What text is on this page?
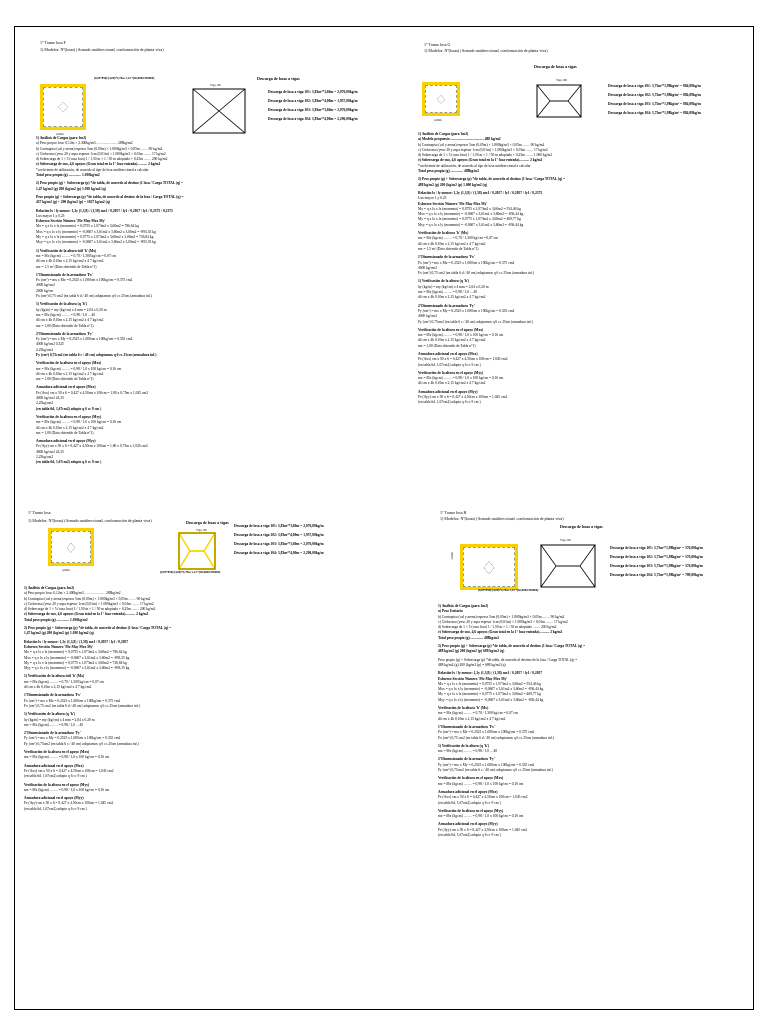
1° Tramo losa F
1) Modelos: Nº(losas) (Armado unidireccional, conformación de planta viva)
+
(0,05*850)/(4,00)*2,70m 1,14 *(40,0000/350000)
4,00m
Descarga de losas a vigas
Viga 105
Descarga de losa a viga 101: 3,83m²*3,60m = 2,076,00kg/m
Descarga de losa a viga 102: 3,83m²*4,00m = 1,957,00kg/m
Descarga de losa a viga 103: 3,83m²*3,60m = 2,076,00kg/m
Descarga de losa a viga 104: 3,83m²*4,00m = 2,296,00kg/m
1) Análisis de Cargas (para 1m2)
a) Peso propio losa: 0,12m × 2.400kg/m3 ....................... 288kg/m2
b) Contrapiso (cal y arena) espesor 5cm (0,05m) × 1.800kg/m3 × 0,05m ........ 90 kg/m2
c) Cielorraso (yeso 20 y aspa espesor 1cm (0,01m) × 1.000kg/m3 × 0,01m ........ 17 kg/m2
d) Sobrecarga de 1 × 5 (casa losa) 1 / 1,50 m × 1 / 50 m adoptado + 0,25m ........ 200 kg/m2
e) Sobrecarga de uso, 4,6 apoyos (Gran total en la 1° losa-entrada)........... 2 kg/m2
*coeficiente de utilización, de acuerdo al tipo de losa unidireccional a calcular
Total peso propio (g) .............. 1.030kg/m2
2) Peso propio (g) + Sobrecarga (p) *de tabla, de acuerdo al destino (1 losa / Carga TOTAL (q) =
1,47 kg/m2 (g) 200 (kg/m2 (p) 1.030 kg/m2 (q)
Peso propio (g) + Sobrecarga (p) *de tabla, de acuerdo al destino de la losa / Carga TOTAL (q) =
437 kg/m2 (g) + 200 (kg/m2 (p) = 1027 kg/m2 (q)
Relación lx / ly menor: 1,2y (1,3,8) / (1,58) mx1 / 0,2057 / ly1 / 0,2057 / ly1 / 0,2375 / 0,2375
Lux mayor 1,y 0,25
Esfuerzo Sección Número 'Mx May Mxx My'
Mx = q x lx x lx (momento) = 0,0755 x 1,073m2 x 3,60m2 = 786,64 kg
Mxx = q x lx x ly (momento) = -0,0607 x 3,61m2 x 3,60m2 x 3,00m2 = -893,35 kg
My = q x lx x lx (momento) = 0,0775 x 1,073m2 x 3,60m2 x 3,00m2 = 736,84 kg
Myy = q x lx x ly (momento) = -0,0607 x 3,61m2 x 3,60m2 x 3,00m2 = -893,35 kg
1) Verificación de la altura útil 'h' (Mx)
mx = Mx (kgcm) ......... = 0,70 / 1,300 kg/cm = 0,07 cm
d4 cm x 4b 0,10m x 2,15 kg/cm2 x 4 7 kg/cm2
mx = 1,5 m² (Dato obtenido de Tabla n°1)
1°Dimensionado de la armadura 'Fx'
Fx (cm²) = mx x Mx = 0,2525 x 1,000cm x 100kg/cm = 0,375 cm2
4000 kg/cm2
2000 kg/cm
Fx (cm²) 0,75 cm2 (en tabla 6 d / 40 cm) adoptamos q 6 cc 25cm (armadura inf.)
1) Verificación de la altura (q 'h')
hy (kg/m) = my (kg/cm) x 4 mm = 2,04 x 0,20 m
mx = Mx (kgcm) ......... = 0,98 / 1,0 ... 40
d4 cm x 4b 0,10m x 2,15 kg/cm2 x 4 7 kg/cm2
mx = 1,00 (Dato obtenido de Tabla n°1)
2°Dimensionado de la armadura 'Fy'
Fy (cm²) = mx x My = 0,2525 x 1,000cm x 100kg/cm = 0,335 cm2
4000 kg/cm2 0,325
2,25kg/cm2
Fy (cm²) 0,75cm2 (en tabla 6 c / 40 cm) adoptamos q 6 cc 25cm (armadura inf.)
Verificación de la altura en el apoyo (Mxx)
mx = Mx (kgcm) ......... = 0,98 / 1,0 x 100 kg/cm = 0,16 cm
d4 cm x 4b 0,10m x 2,15 kg/cm2 x 4 7 kg/cm2
mx = 1,00 (Dato obtenido de Tabla n°1)
Armadura adicional en el apoyo (Mxx)
Fe (Axx) cm x 50 x 6 = 0,427 x 4,50cm x 100cm = 1,80 x 0,75m x 1,045 cm2
4000 kg/cm2 24,35
2,25kg/cm2
(en tabla 6d, 1,67cm2) adopto q 6 cc 9 cm )
Verificación de la altura en el apoyo (Myy)
mx = Mx (kgcm) ......... = 0,98 / 1,0 x 100 kg/cm = 0,16 cm
d4 cm x 4b 0,10m x 2,15 kg/cm2 x 4 7 kg/cm2
mx = 1,00 (Dato obtenido de Tabla n°1)
Armadura adicional en el apoyo (Myy)
Fe (Ayy) cm x 50 x 6 = 0,427 x 4,50cm x 100cm = 1,80 x 0,75m x 1,045 cm2
4000 kg/cm2 24,35
2,25kg/cm2
(en tabla 6d, 1,67cm2) adopto q 6 cc 9 cm )
1° Tramo losa G
1) Modelos: Nº(losas) (Armado unidireccional, conformación de planta viva)
4,00m
Descarga de losas a vigas
Viga 106
Descarga de losa a viga 101: 3,75m²*1,98kg/m² = 884,09kg/m
Descarga de losa a viga 102: 3,75m²*1,98kg/m² = 884,09kg/m
Descarga de losa a viga 103: 3,75m²*1,98kg/m² = 884,09kg/m
Descarga de losa a viga 104: 3,75m²*1,98kg/m² = 884,09kg/m
1) Análisis de Cargas (para 1m2)
a) Modelo propuesto ..................................... 488 kg/m2
b) Contrapiso (cal y arena) espesor 5cm (0,05m) × 1.800kg/m3 × 0,05m ........ 90 kg/m2
c) Cielorraso (yeso 20 y aspa espesor 1cm (0,01m) × 1.000kg/m3 × 0,01m ........ 17 kg/m2
d) Sobrecarga de 1 × 5 (casa losa) 1 / 1,50 m × 1 / 50 m adoptado + 0,25m ........ 1.000 kg/m2
e) Sobrecarga de uso, 4,6 apoyos (Gran total en la 1° losa-entrada)........... 2 kg/m2
*coeficiente de utilización, de acuerdo al tipo de losa unidireccional a calcular
Total peso propio (g) .............. 488kg/m2
2) Peso propio (g) + Sobrecarga (p) *de tabla, de acuerdo al destino (1 losa / Carga TOTAL (q) =
488 kg/m2 (g) 200 (kg/m2 (p) 1.000 kg/m2 (q)
Relación lx / ly menor: 1,2y (1,3,8) / (1,58) mx1 / 0,2057 / ly1 / 0,2057 / ly1 / 0,2375
Lux mayor 1,y 0,25
Esfuerzo Sección Número 'Mx May Mxx My'
Mx = q x lx x lx (momento) = 0,0755 x 1,073m2 x 3,60m2 = 554,46 kg
Mxx = q x lx x ly (momento) = -0,0607 x 3,61m2 x 3,60m2 = -836,44 kg
My = q x lx x lx (momento) = 0,0775 x 1,073m2 x 3,60m2 = 469,77 kg
Myy = q x lx x ly (momento) = -0,0607 x 3,61m2 x 3,60m2 = -836,44 kg
Verificación de la altura 'h' (Mx)
mx = Mx (kgcm) ......... = 0,70 / 1,300 kg/cm = 0,07 cm
d4 cm x 4b 0,10m x 2,15 kg/cm2 x 4 7 kg/cm2
mx = 1,5 m² (Dato obtenido de Tabla n°1)
1°Dimensionado de la armadura 'Fx'
Fx (cm²) = mx x Mx = 0,2525 x 1,000cm x 100kg/cm = 0,375 cm2
4000 kg/cm2
Fx (cm²) 0,75 cm2 (en tabla 6 d / 40 cm) adoptamos q 6 cc 25cm (armadura inf.)
1) Verificación de la altura (q 'h')
hy (kg/m) = my (kg/cm) x 4 mm = 2,04 x 0,20 m
mx = Mx (kgcm) ......... = 0,98 / 1,0 ... 40
d4 cm x 4b 0,10m x 2,15 kg/cm2 x 4 7 kg/cm2
2°Dimensionado de la armadura 'Fy'
Fy (cm²) = mx x My = 0,2525 x 1,000cm x 100kg/cm = 0,335 cm2
4000 kg/cm2
Fy (cm²) 0,75cm2 (en tabla 6 c / 40 cm) adoptamos q 6 cc 25cm (armadura inf.)
Verificación de la altura en el apoyo (Mxx)
mx = Mx (kgcm) ......... = 0,98 / 1,0 x 100 kg/cm = 0,16 cm
d4 cm x 4b 0,10m x 2,15 kg/cm2 x 4 7 kg/cm2
mx = 1,00 (Dato obtenido de Tabla n°1)
Armadura adicional en el apoyo (Mxx)
Fe (Axx) cm x 50 x 6 = 0,427 x 4,50cm x 100cm = 1,045 cm2
(en tabla 6d, 1,67cm2) adopto q 6 cc 9 cm )
Verificación de la altura en el apoyo (Myy)
mx = Mx (kgcm) ......... = 0,98 / 1,0 x 100 kg/cm = 0,16 cm
d4 cm x 4b 0,10m x 2,15 kg/cm2 x 4 7 kg/cm2
Armadura adicional en el apoyo (Myy)
Fe (Ayy) cm x 50 x 6 = 0,427 x 4,50cm x 100cm = 1,045 cm2
(en tabla 6d, 1,67cm2) adopto q 6 cc 9 cm )
1° Tramo losa
1) Modelos: Nº(losas) (Armado unidireccional, conformación de planta viva)
4,00m	(0,05*850)/(4,00)*2,70m 1,14 *(40,0000/350000)
Descarga de losas a vigas
Viga 105
Descarga de losa a viga 101: 3,83m²*3,60m = 2,076,00kg/m
Descarga de losa a viga 102: 3,83m²*4,00m = 1,957,00kg/m
Descarga de losa a viga 103: 3,83m²*3,60m = 2,076,00kg/m
Descarga de losa a viga 104: 3,83m²*4,00m = 2,296,00kg/m
1) Análisis de Cargas (para 1m2)
a) Peso propio losa: 0,12m × 2.400kg/m3 ....................... 288kg/m2
b) Contrapiso (cal y arena) espesor 5cm (0,05m) × 1.800kg/m3 × 0,05m ........ 90 kg/m2
c) Cielorraso (yeso 20 y aspa espesor 1cm (0,01m) × 1.000kg/m3 × 0,01m ........ 17 kg/m2
d) Sobrecarga de 1 × 5 (casa losa) 1 / 1,50 m × 1 / 50 m adoptado + 0,25m ........ 200 kg/m2
e) Sobrecarga de uso, 4,6 apoyos (Gran total en la 1° losa-entrada)........... 2 kg/m2
Total peso propio (g) .............. 1.030kg/m2
2) Peso propio (g) + Sobrecarga (p) *de tabla, de acuerdo al destino (1 losa / Carga TOTAL (q) =
1,47 kg/m2 (g) 200 (kg/m2 (p) 1.030 kg/m2 (q)
Relación lx / ly menor: 1,2y (1,3,8) / (1,58) mx1 / 0,2057 / ly1 / 0,2057
Esfuerzo Sección Número 'Mx May Mxx My'
Mx = q x lx x lx (momento) = 0,0755 x 1,073m2 x 3,60m2 = 786,64 kg
Mxx = q x lx x ly (momento) = -0,0607 x 3,61m2 x 3,60m2 = -893,35 kg
My = q x lx x lx (momento) = 0,0775 x 1,073m2 x 3,60m2 = 736,84 kg
Myy = q x lx x ly (momento) = -0,0607 x 3,61m2 x 3,60m2 = -893,35 kg
1) Verificación de la altura útil 'h' (Mx)
mx = Mx (kgcm) ......... = 0,70 / 1,300 kg/cm = 0,07 cm
d4 cm x 4b 0,10m x 2,15 kg/cm2 x 4 7 kg/cm2
1°Dimensionado de la armadura 'Fx'
Fx (cm²) = mx x Mx = 0,2525 x 1,000cm x 100kg/cm = 0,375 cm2
Fx (cm²) 0,75 cm2 (en tabla 6 d / 40 cm) adoptamos q 6 cc 25cm (armadura inf.)
1) Verificación de la altura (q 'h')
hy (kg/m) = my (kg/cm) x 4 mm = 2,04 x 0,20 m
mx = Mx (kgcm) ......... = 0,98 / 1,0 ... 40
2°Dimensionado de la armadura 'Fy'
Fy (cm²) = mx x My = 0,2525 x 1,000cm x 100kg/cm = 0,335 cm2
Fy (cm²) 0,75cm2 (en tabla 6 c / 40 cm) adoptamos q 6 cc 25cm (armadura inf.)
Verificación de la altura en el apoyo (Mxx)
mx = Mx (kgcm) ......... = 0,98 / 1,0 x 100 kg/cm = 0,16 cm
Armadura adicional en el apoyo (Mxx)
Fe (Axx) cm x 50 x 6 = 0,427 x 4,50cm x 100cm = 1,045 cm2
(en tabla 6d, 1,67cm2) adopto q 6 cc 9 cm )
Verificación de la altura en el apoyo (Myy)
mx = Mx (kgcm) ......... = 0,98 / 1,0 x 100 kg/cm = 0,16 cm
Armadura adicional en el apoyo (Myy)
Fe (Ayy) cm x 50 x 6 = 0,427 x 4,50cm x 100cm = 1,045 cm2
(en tabla 6d, 1,67cm2) adopto q 6 cc 9 cm )
1° Tramo losa H
1) Modelos: Nº(losas) (Armado unidireccional, conformación de planta viva)
3,60m
(0,05*850)/(4,00)*2,70m 1,14 *(40,0000/350000)
Descarga de losas a vigas
Viga 105
Descarga de losa a viga 101: 3,75m²*1,98kg/m² = 576,00kg/m
Descarga de losa a viga 102: 3,75m²*1,98kg/m² = 576,00kg/m
Descarga de losa a viga 103: 3,75m²*1,98kg/m² = 576,00kg/m
Descarga de losa a viga 104: 3,75m²*1,98kg/m² = 789,00kg/m
1) Análisis de Cargas (para 1m2)
a) Peso Unitario
b) Contrapiso (cal y arena) espesor 5cm (0,05m) × 1.800kg/m3 × 0,05m ........ 90 kg/m2
c) Cielorraso (yeso 20 y aspa espesor 1cm (0,01m) × 1.000kg/m3 × 0,01m ........ 17 kg/m2
d) Sobrecarga de 1 × 5 (casa losa) 1 / 1,50 m × 1 / 50 m adoptado ........ 200 kg/m2
e) Sobrecarga de uso, 4,6 apoyos (Gran total en la 1° losa-entrada)........... 2 kg/m2
Total peso propio (g) .............. 488kg/m2
2) Peso propio (g) + Sobrecarga (p) *de tabla, de acuerdo al destino (1 losa / Carga TOTAL (q) =
488 kg/m2 (g) 200 (kg/m2 (p) 688 kg/m2 (q)
Peso propio (g) + Sobrecarga (p) *de tabla, de acuerdo al destino de la losa / Carga TOTAL (q) =
488 kg/m2 (g) 200 (kg/m2 (p) = 688 kg/m2 (q)
Relación lx / ly menor: 1,2y (1,3,8) / (1,58) mx1 / 0,2057 / ly1 / 0,2057
Esfuerzo Sección Número 'Mx May Mxx My'
Mx = q x lx x lx (momento) = 0,0755 x 1,073m2 x 3,60m2 = 554,46 kg
Mxx = q x lx x ly (momento) = -0,0607 x 3,61m2 x 3,60m2 = -836,44 kg
My = q x lx x lx (momento) = 0,0775 x 1,073m2 x 3,60m2 = 469,77 kg
Myy = q x lx x ly (momento) = -0,0607 x 3,61m2 x 3,60m2 = -836,44 kg
Verificación de la altura 'h' (Mx)
mx = Mx (kgcm) ......... = 0,70 / 1,300 kg/cm = 0,07 cm
d4 cm x 4b 0,10m x 2,15 kg/cm2 x 4 7 kg/cm2
1°Dimensionado de la armadura 'Fx'
Fx (cm²) = mx x Mx = 0,2525 x 1,000cm x 100kg/cm = 0,375 cm2
Fx (cm²) 0,75 cm2 (en tabla 6 d / 40 cm) adoptamos q 6 cc 25cm (armadura inf.)
1) Verificación de la altura (q 'h')
mx = Mx (kgcm) ......... = 0,98 / 1,0 ... 40
2°Dimensionado de la armadura 'Fy'
Fy (cm²) = mx x My = 0,2525 x 1,000cm x 100kg/cm = 0,335 cm2
Fy (cm²) 0,75cm2 (en tabla 6 c / 40 cm) adoptamos q 6 cc 25cm (armadura inf.)
Verificación de la altura en el apoyo (Mxx)
mx = Mx (kgcm) ......... = 0,98 / 1,0 x 100 kg/cm = 0,16 cm
Armadura adicional en el apoyo (Mxx)
Fe (Axx) cm x 50 x 6 = 0,427 x 4,50cm x 100cm = 1,045 cm2
(en tabla 6d, 1,67cm2) adopto q 6 cc 9 cm )
Verificación de la altura en el apoyo (Myy)
mx = Mx (kgcm) ......... = 0,98 / 1,0 x 100 kg/cm = 0,16 cm
Armadura adicional en el apoyo (Myy)
Fe (Ayy) cm x 50 x 6 = 0,427 x 4,50cm x 100cm = 1,045 cm2
(en tabla 6d, 1,67cm2) adopto q 6 cc 9 cm )
